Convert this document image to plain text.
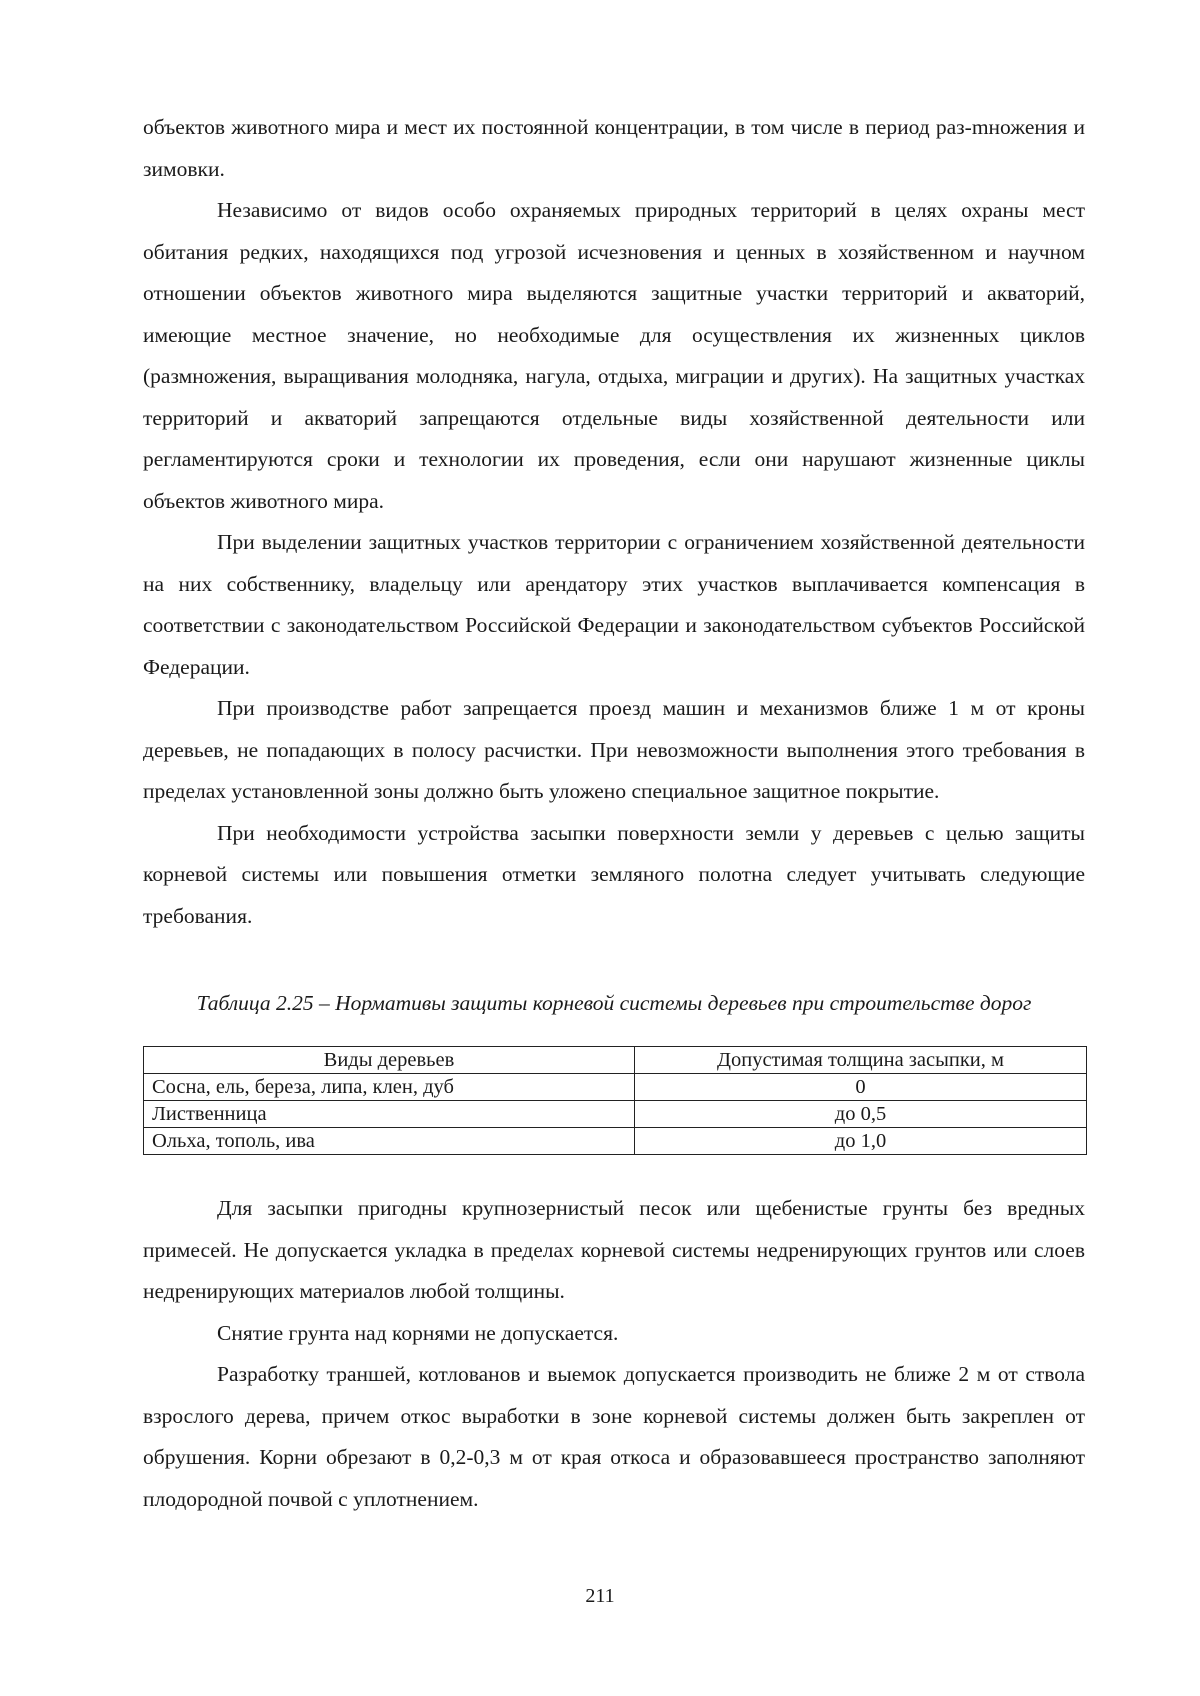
объектов животного мира и мест их постоянной концентрации, в том числе в период раз-mножения и зимовки.

Независимо от видов особо охраняемых природных территорий в целях охраны мест обитания редких, находящихся под угрозой исчезновения и ценных в хозяйственном и научном отношении объектов животного мира выделяются защитные участки территорий и акваторий, имеющие местное значение, но необходимые для осуществления их жизненных циклов (размножения, выращивания молодняка, нагула, отдыха, миграции и других). На защитных участках территорий и акваторий запрещаются отдельные виды хозяйственной деятельности или регламентируются сроки и технологии их проведения, если они нарушают жизненные циклы объектов животного мира.

При выделении защитных участков территории с ограничением хозяйственной деятельности на них собственнику, владельцу или арендатору этих участков выплачивается компенсация в соответствии с законодательством Российской Федерации и законодательством субъектов Российской Федерации.

При производстве работ запрещается проезд машин и механизмов ближе 1 м от кроны деревьев, не попадающих в полосу расчистки. При невозможности выполнения этого требования в пределах установленной зоны должно быть уложено специальное защитное покрытие.

При необходимости устройства засыпки поверхности земли у деревьев с целью защиты корневой системы или повышения отметки земляного полотна следует учитывать следующие требования.

Таблица 2.25 – Нормативы защиты корневой системы деревьев при строительстве дорог
Виды деревьев	Допустимая толщина засыпки, м
Сосна, ель, береза, липа, клен, дуб	0
Лиственница	до 0,5
Ольха, тополь, ива	до 1,0

Для засыпки пригодны крупнозернистый песок или щебенистые грунты без вредных примесей. Не допускается укладка в пределах корневой системы недренирующих грунтов или слоев недренирующих материалов любой толщины.

Снятие грунта над корнями не допускается.

Разработку траншей, котлованов и выемок допускается производить не ближе 2 м от ствола взрослого дерева, причем откос выработки в зоне корневой системы должен быть закреплен от обрушения. Корни обрезают в 0,2-0,3 м от края откоса и образовавшееся пространство заполняют плодородной почвой с уплотнением.

211
